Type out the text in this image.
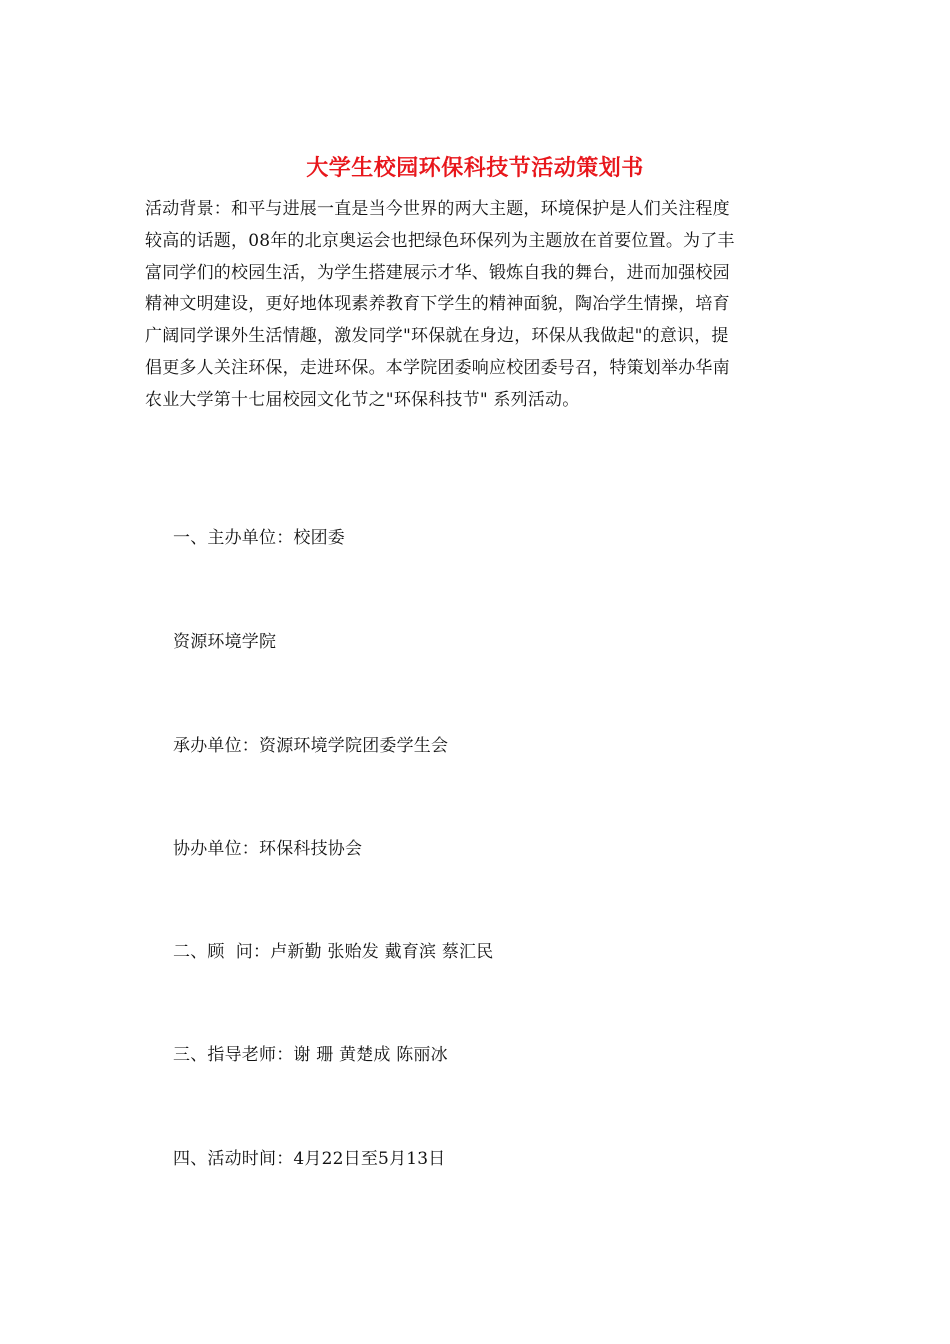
大学生校园环保科技节活动策划书
活动背景：和平与进展一直是当今世界的两大主题，环境保护是人们关注程度
较高的话题，08年的北京奥运会也把绿色环保列为主题放在首要位置。为了丰
富同学们的校园生活，为学生搭建展示才华、锻炼自我的舞台，进而加强校园
精神文明建设，更好地体现素养教育下学生的精神面貌，陶冶学生情操，培育
广阔同学课外生活情趣，激发同学"环保就在身边，环保从我做起"的意识，提
倡更多人关注环保，走进环保。本学院团委响应校团委号召，特策划举办华南
农业大学第十七届校园文化节之"环保科技节" 系列活动。
一、主办单位：校团委
资源环境学院
承办单位：资源环境学院团委学生会
协办单位：环保科技协会
二、顾  问：卢新勤 张贻发 戴育滨 蔡汇民
三、指导老师：谢 珊 黄楚成 陈丽冰
四、活动时间：4月22日至5月13日
